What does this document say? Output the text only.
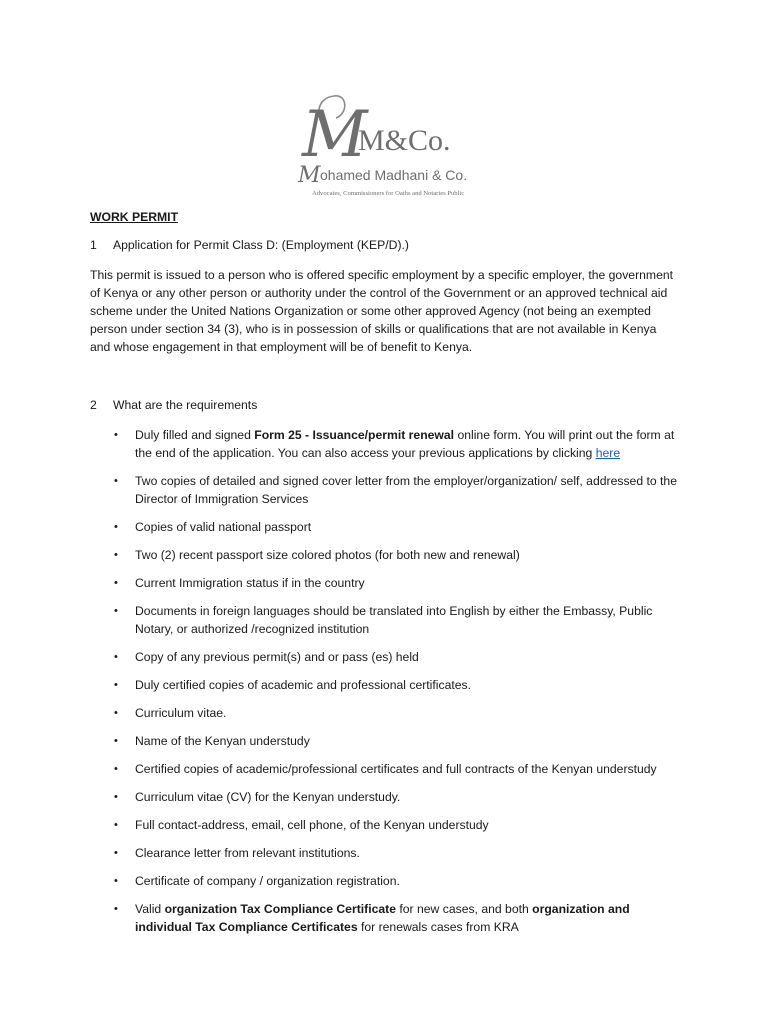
M
M&Co.
M ohamed Madhani & Co.
Advocates, Commissioners for Oaths and Notaries Public
WORK PERMIT
1	Application for Permit Class D: (Employment (KEP/D).)

This permit is issued to a person who is offered specific employment by a specific employer, the government of Kenya or any other person or authority under the control of the Government or an approved technical aid scheme under the United Nations Organization or some other approved Agency (not being an exempted person under section 34 (3), who is in possession of skills or qualifications that are not available in Kenya and whose engagement in that employment will be of benefit to Kenya.

2	What are the requirements
•	Duly filled and signed Form 25 - Issuance/permit renewal online form. You will print out the form at the end of the application. You can also access your previous applications by clicking here
•	Two copies of detailed and signed cover letter from the employer/organization/ self, addressed to the Director of Immigration Services
•	Copies of valid national passport
•	Two (2) recent passport size colored photos (for both new and renewal)
•	Current Immigration status if in the country
•	Documents in foreign languages should be translated into English by either the Embassy, Public Notary, or authorized /recognized institution
•	Copy of any previous permit(s) and or pass (es) held
•	Duly certified copies of academic and professional certificates.
•	Curriculum vitae.
•	Name of the Kenyan understudy
•	Certified copies of academic/professional certificates and full contracts of the Kenyan understudy
•	Curriculum vitae (CV) for the Kenyan understudy.
•	Full contact-address, email, cell phone, of the Kenyan understudy
•	Clearance letter from relevant institutions.
•	Certificate of company / organization registration.
•	Valid organization Tax Compliance Certificate for new cases, and both organization and individual Tax Compliance Certificates for renewals cases from KRA
